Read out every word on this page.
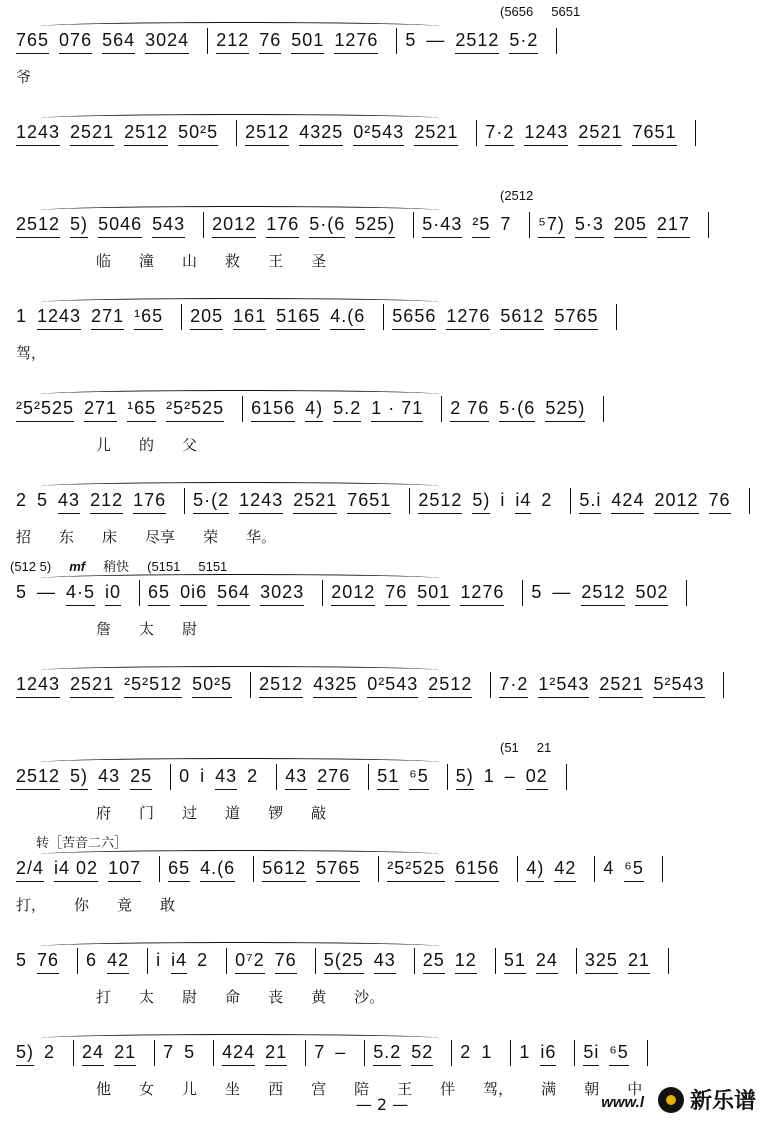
(5656 5651
765 076 564 3024 212 76 501 1276 5 — 2512 5·2
爷
1243 2521 2512 50²5 2512 4325 0²543 2521 7·2 1243 2521 7651
(2512
2512 5) 5046 543 2012 176 5·(6 525) 5·43 ²5 7 ⁵7) 5·3 205 217
临 潼 山 救 王 圣
1 1243 271 ¹65 205 161 5165 4.(6 5656 1276 5612 5765
驾，
²5²525 271 ¹65 ²5²525 6156 4) 5.2 1 · 71 2 76 5·(6 525)
儿 的 父
2 5 43 212 176 5·(2 1243 2521 7651 2512 5) i i4 2 5.i 424 2012 76
招 东 床 尽享 荣 华。
(512 5) mf 稍快 (5151 5151
5 — 4·5 i0 65 0i6 564 3023 2012 76 501 1276 5 — 2512 502
詹 太 尉
1243 2521 ²5²512 50²5 2512 4325 0²543 2512 7·2 1²543 2521 5²543
(51 21
2512 5) 43 25 0 i 43 2 43 276 51 ⁶5 5) 1 – 02
府 门 过 道 锣 敲
转［苦音二六］
2/4 i4 02 107 65 4.(6 5612 5765 ²5²525 6156 4) 42 4 ⁶5
打， 你 竟 敢
5 76 6 42 i i4 2 0⁷2 76 5(25 43 25 12 51 24 325 21
打 太 尉 命 丧 黄 沙。
5) 2 24 21 7 5 424 21 7 – 5.2 52 2 1 1 i6 5i ⁶5
他 女 儿 坐 西 宫 陪 王 伴 驾， 满 朝 中
— 2 —	www.l 新乐谱
